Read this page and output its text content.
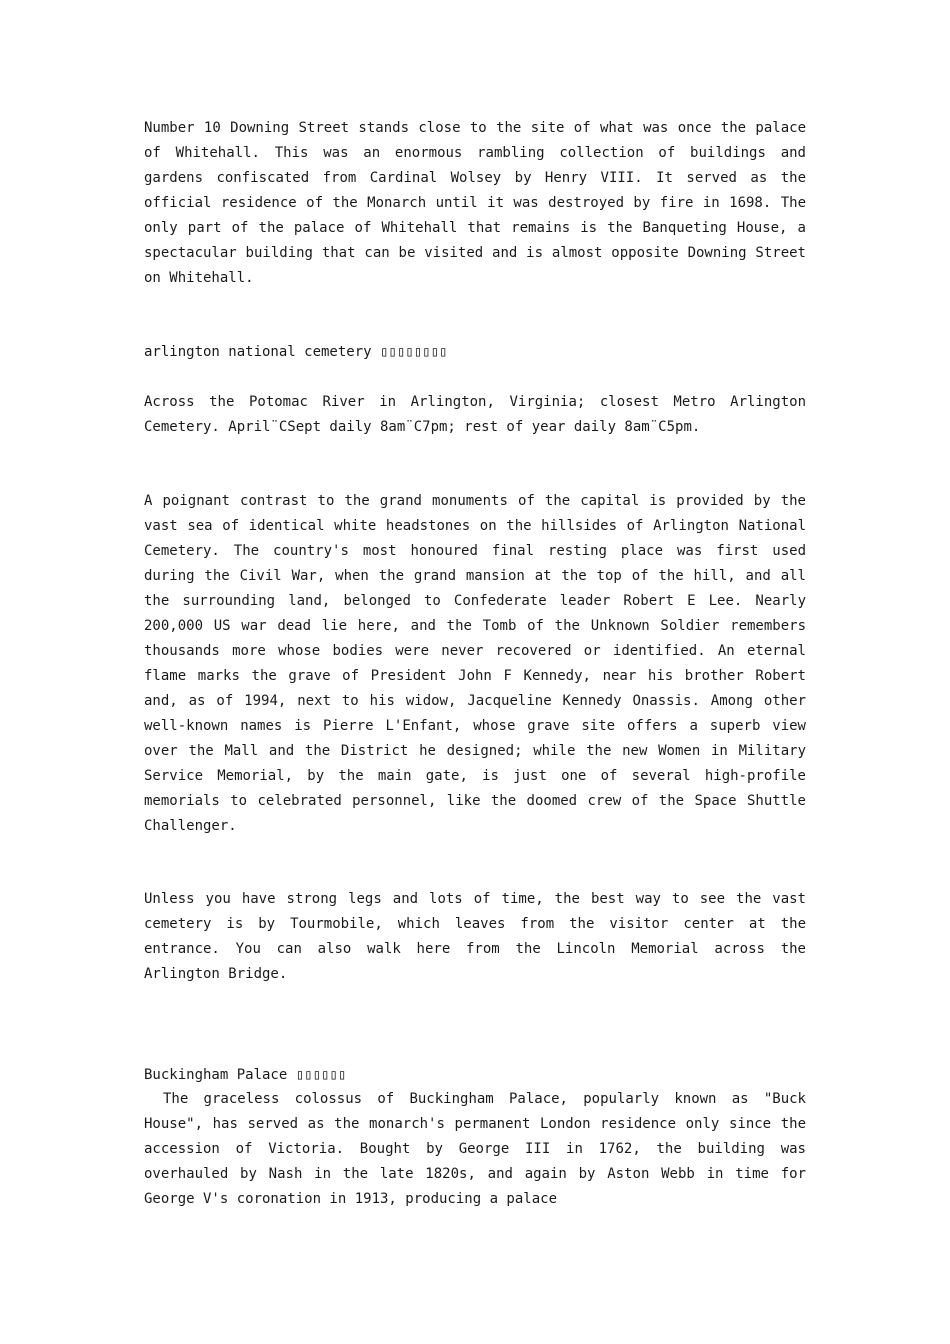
Number 10 Downing Street stands close to the site of what was once the palace of Whitehall. This was an enormous rambling collection of buildings and gardens confiscated from Cardinal Wolsey by Henry VIII. It served as the official residence of the Monarch until it was destroyed by fire in 1698. The only part of the palace of Whitehall that remains is the Banqueting House, a spectacular building that can be visited and is almost opposite Downing Street on Whitehall.
arlington national cemetery ▯▯▯▯▯▯▯▯
Across the Potomac River in Arlington, Virginia; closest Metro Arlington Cemetery. April¨CSept daily 8am¨C7pm; rest of year daily 8am¨C5pm.
A poignant contrast to the grand monuments of the capital is provided by the vast sea of identical white headstones on the hillsides of Arlington National Cemetery. The country's most honoured final resting place was first used during the Civil War, when the grand mansion at the top of the hill, and all the surrounding land, belonged to Confederate leader Robert E Lee. Nearly 200,000 US war dead lie here, and the Tomb of the Unknown Soldier remembers thousands more whose bodies were never recovered or identified. An eternal flame marks the grave of President John F Kennedy, near his brother Robert and, as of 1994, next to his widow, Jacqueline Kennedy Onassis. Among other well-known names is Pierre L'Enfant, whose grave site offers a superb view over the Mall and the District he designed; while the new Women in Military Service Memorial, by the main gate, is just one of several high-profile memorials to celebrated personnel, like the doomed crew of the Space Shuttle Challenger.
Unless you have strong legs and lots of time, the best way to see the vast cemetery is by Tourmobile, which leaves from the visitor center at the entrance. You can also walk here from the Lincoln Memorial across the Arlington Bridge.
Buckingham Palace ▯▯▯▯▯▯
The graceless colossus of Buckingham Palace, popularly known as "Buck House", has served as the monarch's permanent London residence only since the accession of Victoria. Bought by George III in 1762, the building was overhauled by Nash in the late 1820s, and again by Aston Webb in time for George V's coronation in 1913, producing a palace
